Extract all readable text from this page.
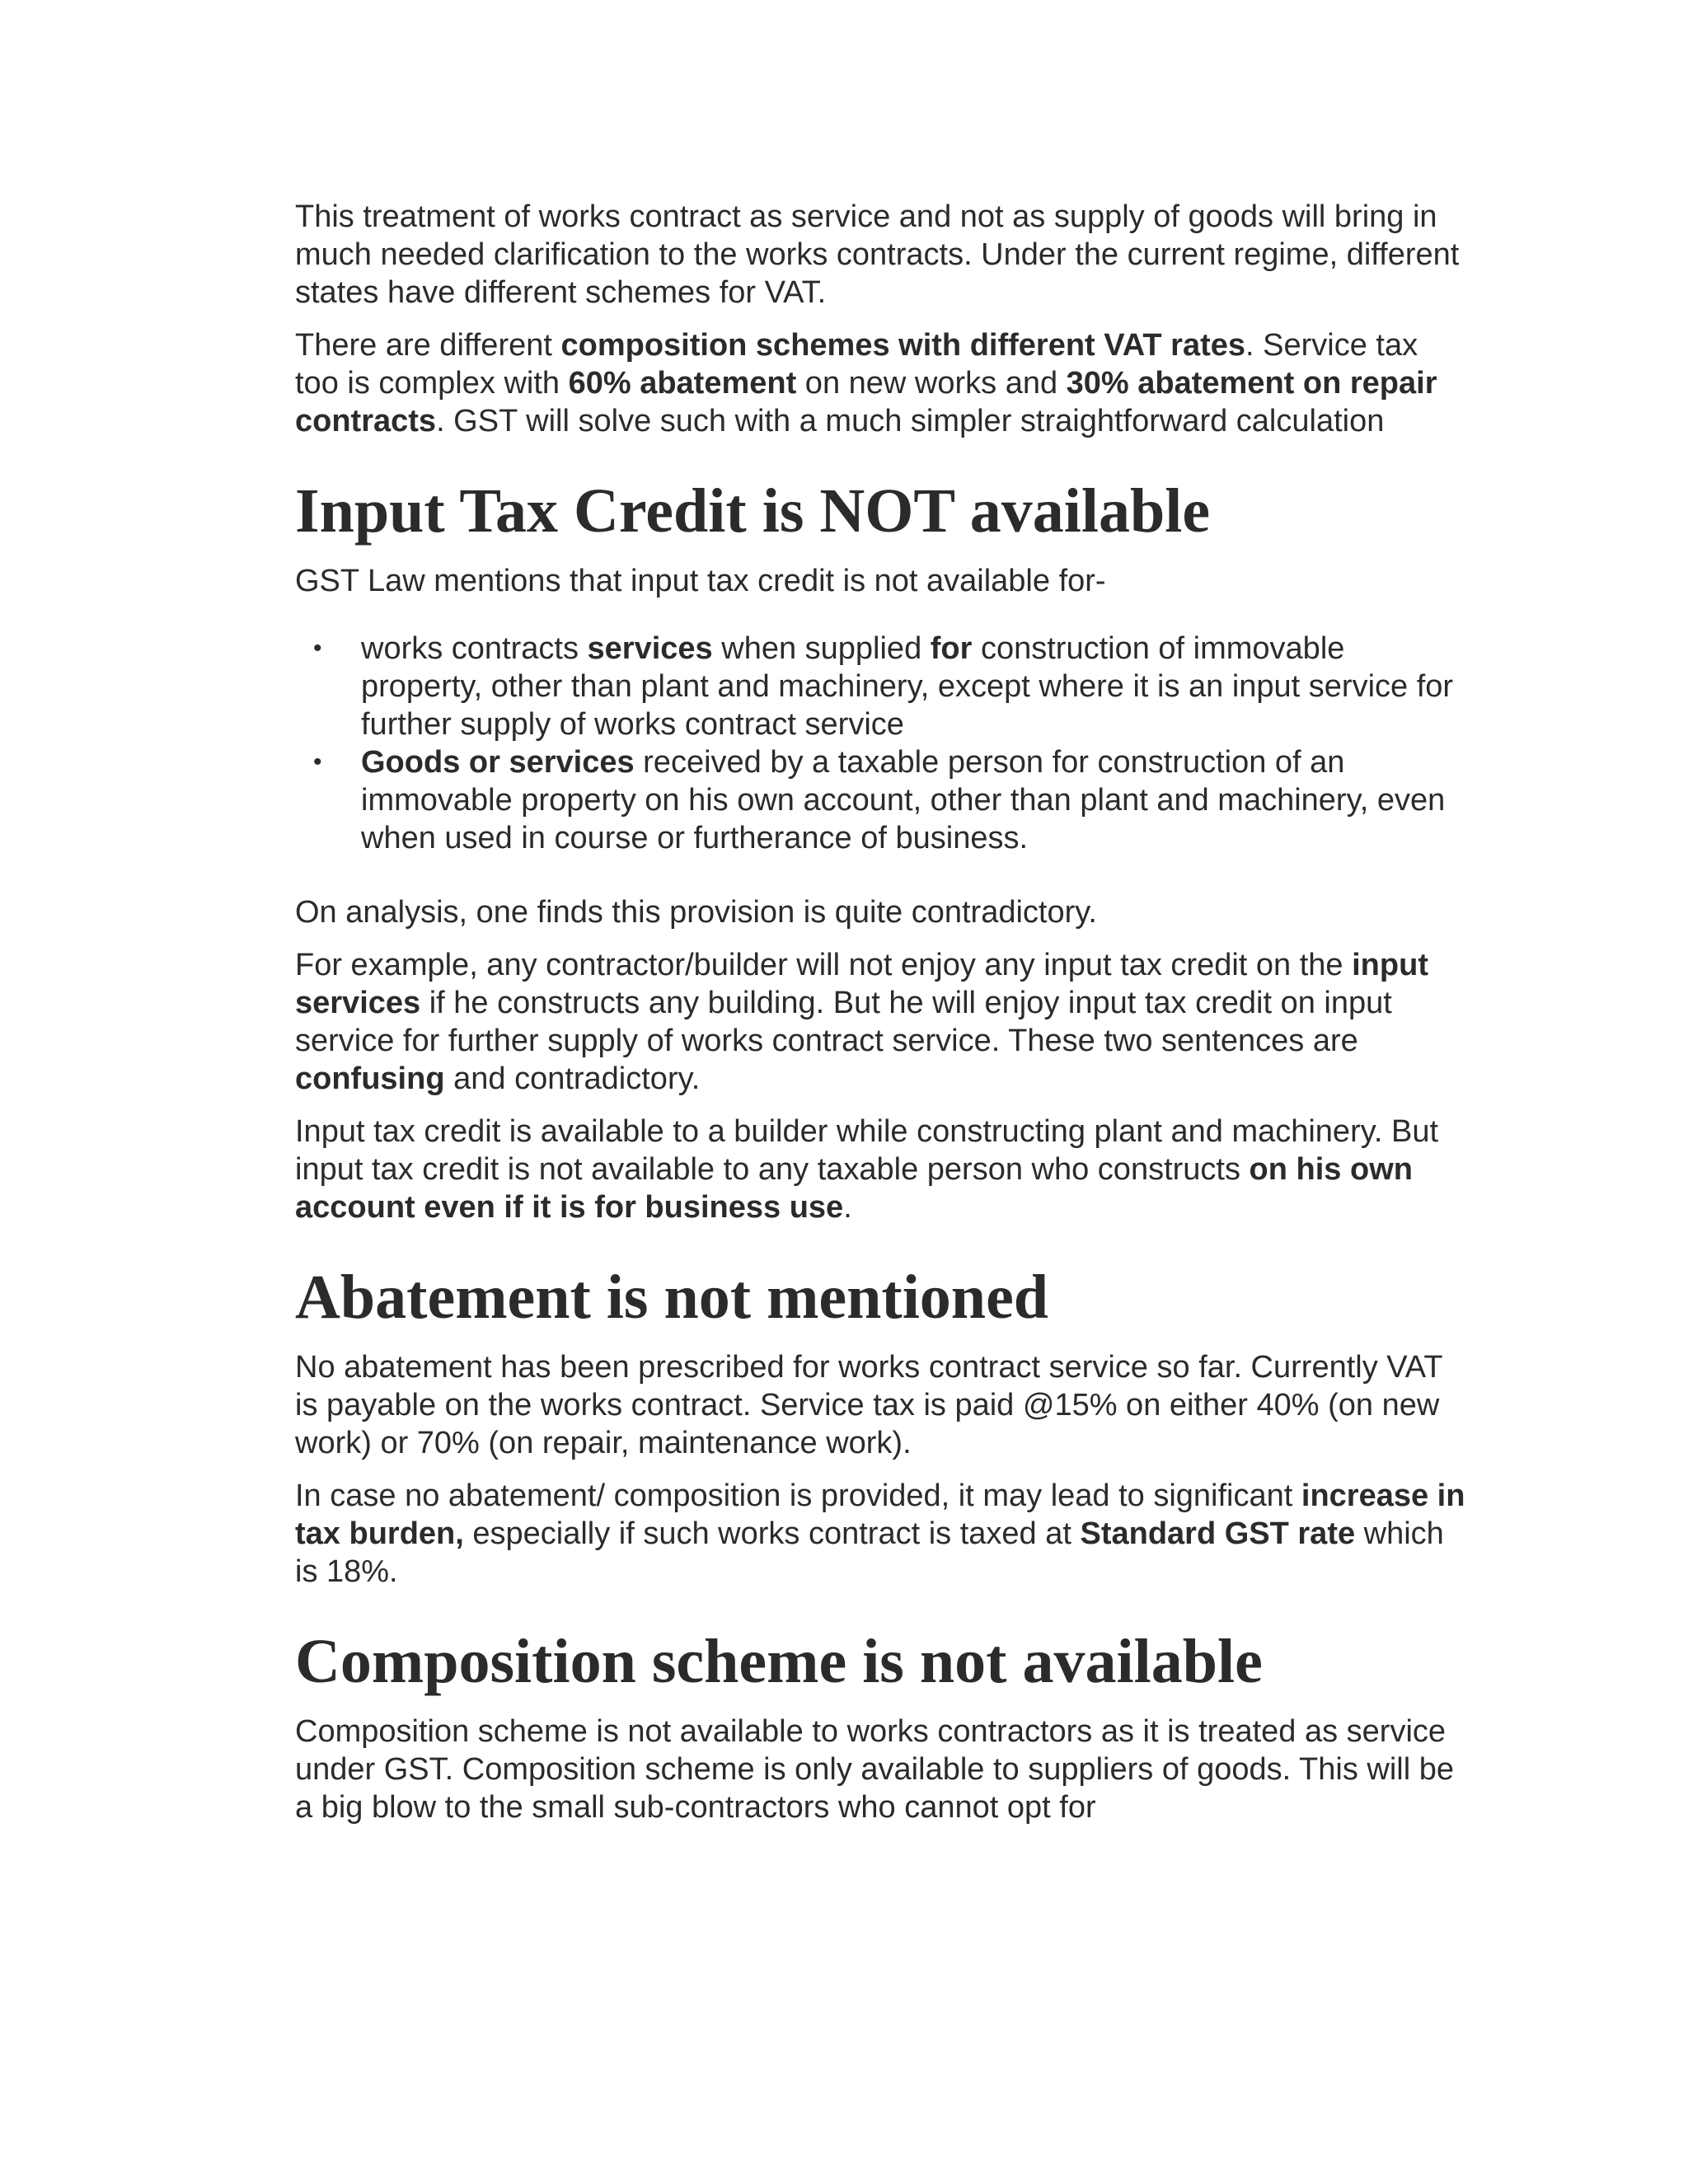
This treatment of works contract as service and not as supply of goods will bring in much needed clarification to the works contracts. Under the current regime, different states have different schemes for VAT.

There are different composition schemes with different VAT rates. Service tax too is complex with 60% abatement on new works and 30% abatement on repair contracts. GST will solve such with a much simpler straightforward calculation

Input Tax Credit is NOT available

GST Law mentions that input tax credit is not available for-

• works contracts services when supplied for construction of immovable property, other than plant and machinery, except where it is an input service for further supply of works contract service
• Goods or services received by a taxable person for construction of an immovable property on his own account, other than plant and machinery, even when used in course or furtherance of business.

On analysis, one finds this provision is quite contradictory.

For example, any contractor/builder will not enjoy any input tax credit on the input services if he constructs any building. But he will enjoy input tax credit on input service for further supply of works contract service. These two sentences are confusing and contradictory.

Input tax credit is available to a builder while constructing plant and machinery. But input tax credit is not available to any taxable person who constructs on his own account even if it is for business use.

Abatement is not mentioned

No abatement has been prescribed for works contract service so far. Currently VAT is payable on the works contract. Service tax is paid @15% on either 40% (on new work) or 70% (on repair, maintenance work).

In case no abatement/ composition is provided, it may lead to significant increase in tax burden, especially if such works contract is taxed at Standard GST rate which is 18%.

Composition scheme is not available

Composition scheme is not available to works contractors as it is treated as service under GST. Composition scheme is only available to suppliers of goods. This will be a big blow to the small sub-contractors who cannot opt for
